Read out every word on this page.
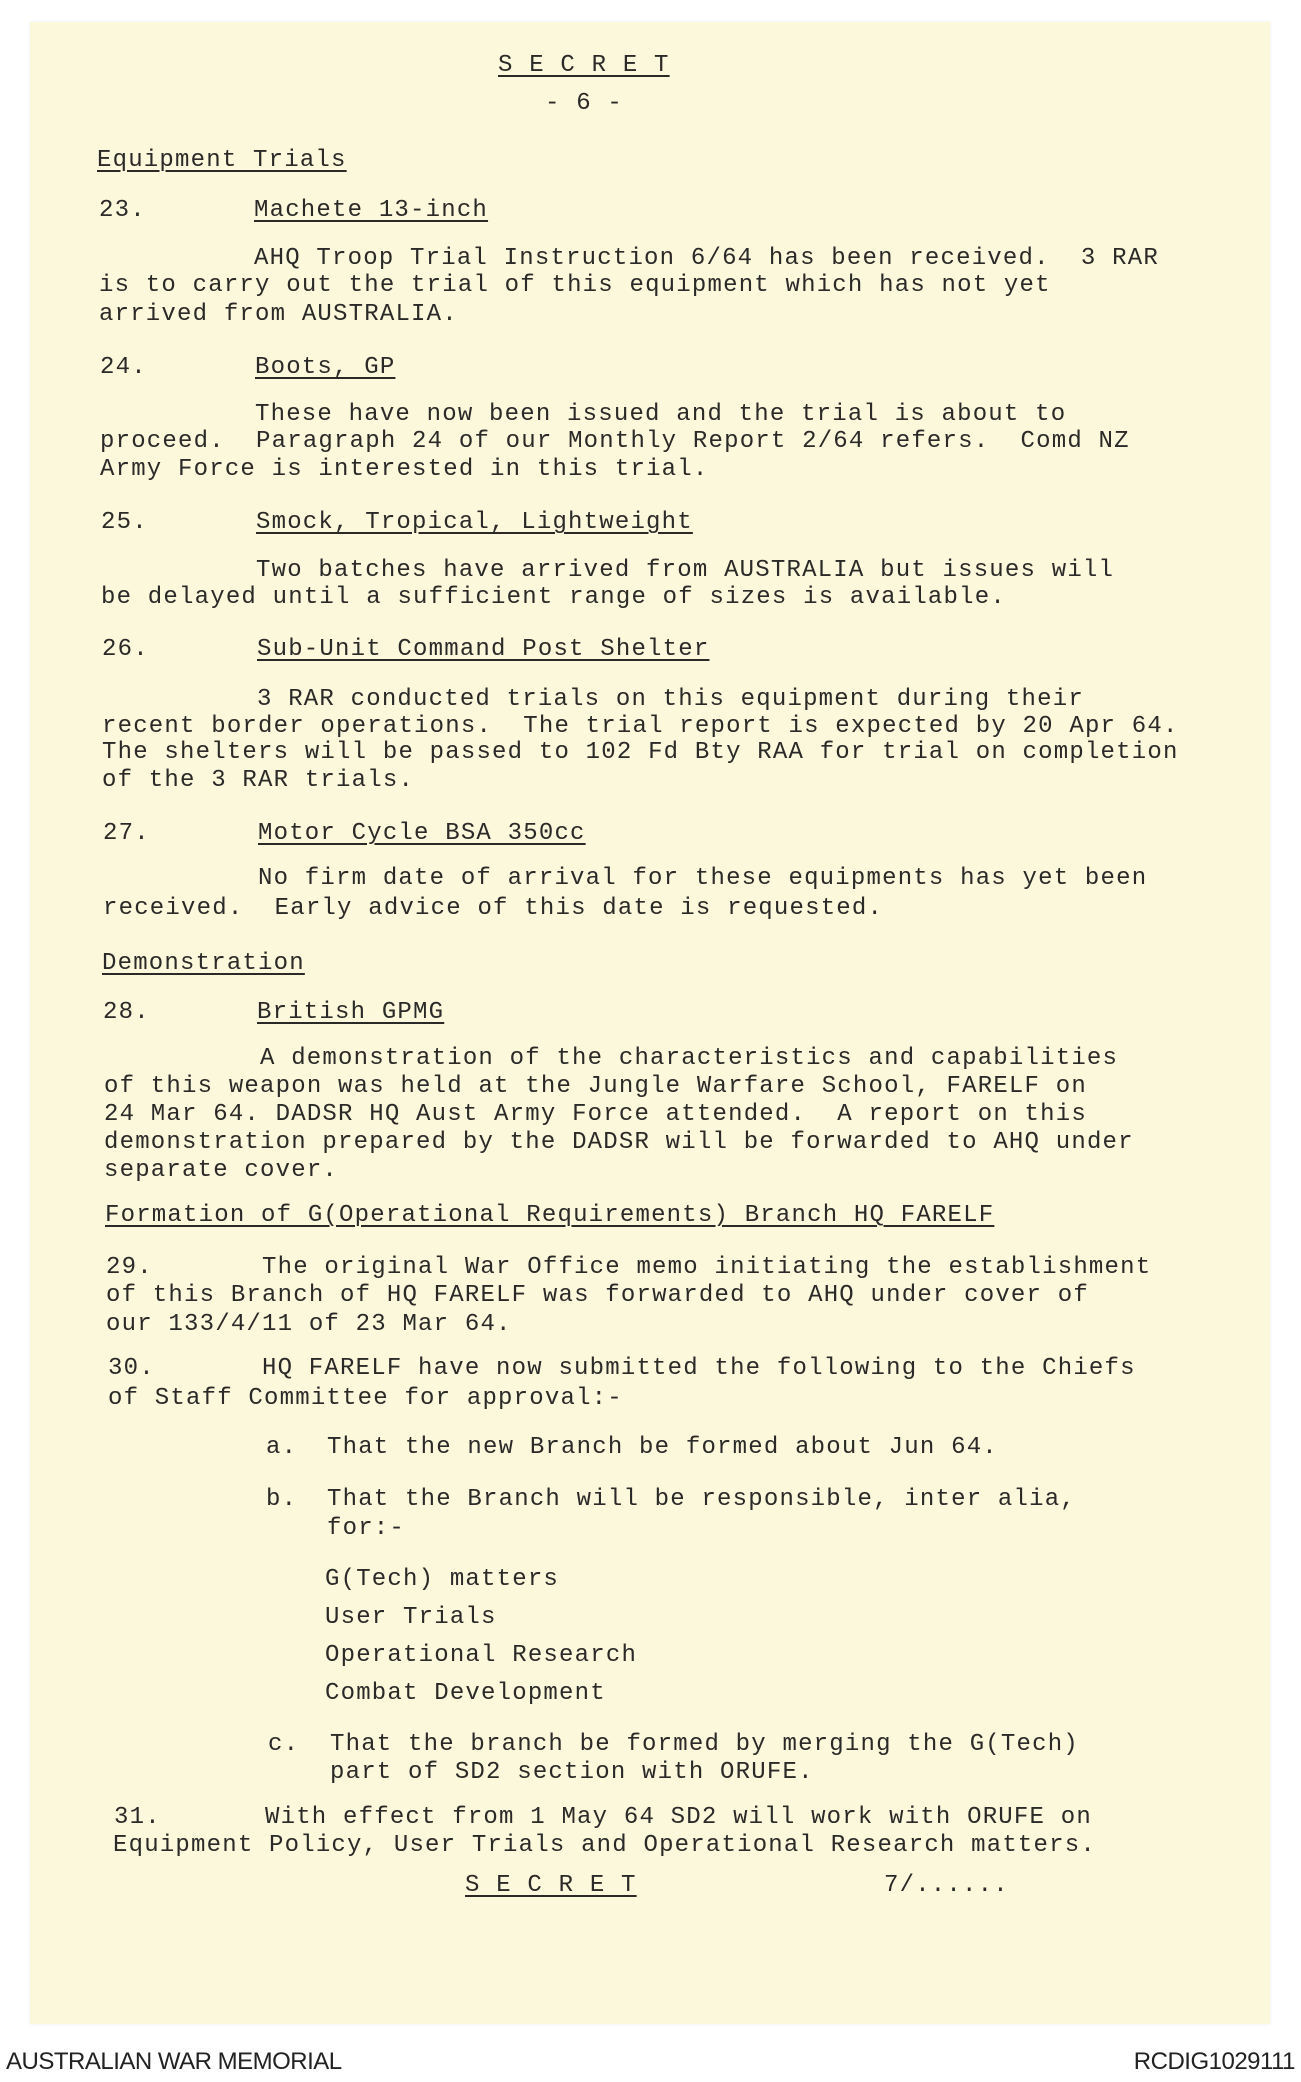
S E C R E T
- 6 -
Equipment Trials
23.	Machete 13-inch
AHQ Troop Trial Instruction 6/64 has been received.  3 RAR
is to carry out the trial of this equipment which has not yet
arrived from AUSTRALIA.
24.	Boots, GP
These have now been issued and the trial is about to
proceed.  Paragraph 24 of our Monthly Report 2/64 refers.  Comd NZ
Army Force is interested in this trial.
25.	Smock, Tropical, Lightweight
Two batches have arrived from AUSTRALIA but issues will
be delayed until a sufficient range of sizes is available.
26.	Sub-Unit Command Post Shelter
3 RAR conducted trials on this equipment during their
recent border operations.  The trial report is expected by 20 Apr 64.
The shelters will be passed to 102 Fd Bty RAA for trial on completion
of the 3 RAR trials.
27.	Motor Cycle BSA 350cc
No firm date of arrival for these equipments has yet been
received.  Early advice of this date is requested.
Demonstration
28.	British GPMG
A demonstration of the characteristics and capabilities
of this weapon was held at the Jungle Warfare School, FARELF on
24 Mar 64. DADSR HQ Aust Army Force attended.  A report on this
demonstration prepared by the DADSR will be forwarded to AHQ under
separate cover.
Formation of G(Operational Requirements) Branch HQ FARELF
29.	The original War Office memo initiating the establishment
of this Branch of HQ FARELF was forwarded to AHQ under cover of
our 133/4/11 of 23 Mar 64.
30.	HQ FARELF have now submitted the following to the Chiefs
of Staff Committee for approval:-
a. That the new Branch be formed about Jun 64.
b. That the Branch will be responsible, inter alia,
for:-
G(Tech) matters
User Trials
Operational Research
Combat Development
c. That the branch be formed by merging the G(Tech)
part of SD2 section with ORUFE.
31.	With effect from 1 May 64 SD2 will work with ORUFE on
Equipment Policy, User Trials and Operational Research matters.
S E C R E T	7/......
AUSTRALIAN WAR MEMORIAL	RCDIG1029111
